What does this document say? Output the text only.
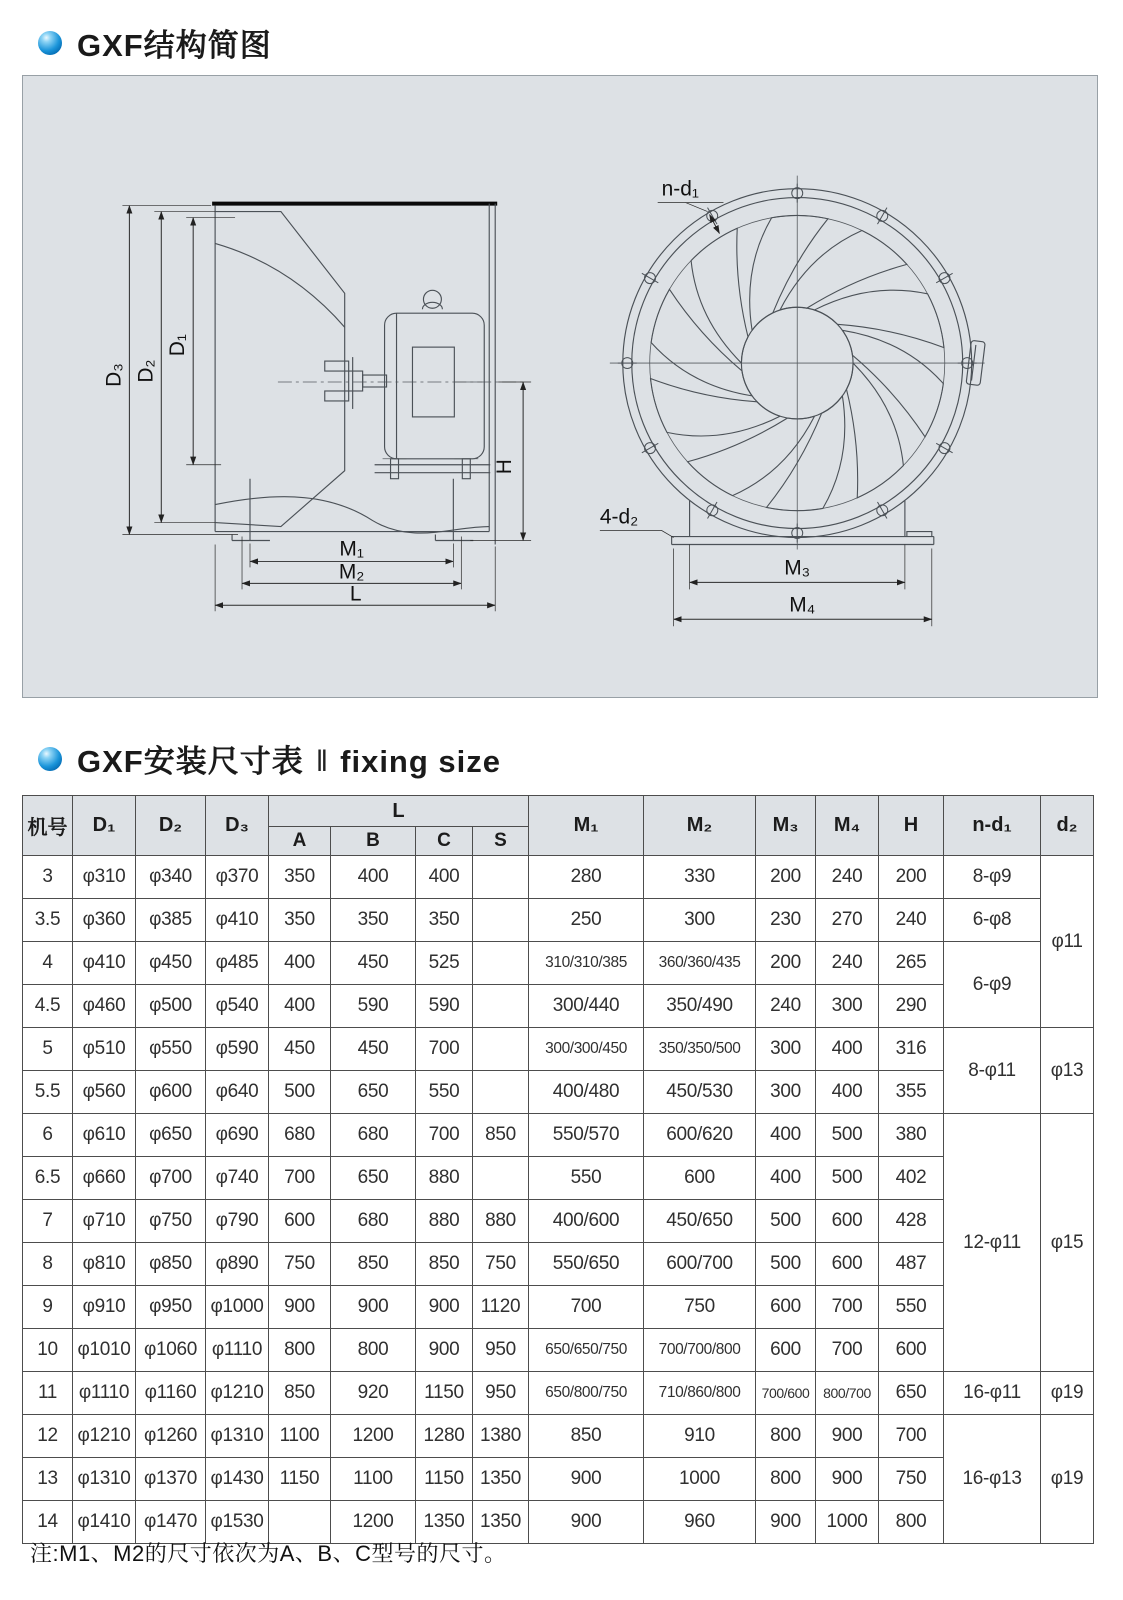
GXF结构简图
D₃ D₂
D₁
H
M₁
M₂
L
n-d₁
4-d₂
M₃
M₄
GXF安装尺寸表 ‖ fixing size
机号	D₁	D₂	D₃	L				M₁	M₂	M₃	M₄	H	n-d₁	d₂
				A	B	C	S							
3	φ310	φ340	φ370	350	400	400		280	330	200	240	200	8-φ9	φ11
3.5	φ360	φ385	φ410	350	350	350		250	300	230	270	240	6-φ8	
4	φ410	φ450	φ485	400	450	525		310/310/385	360/360/435	200	240	265	6-φ9	
4.5	φ460	φ500	φ540	400	590	590		300/440	350/490	240	300	290		
5	φ510	φ550	φ590	450	450	700		300/300/450	350/350/500	300	400	316	8-φ11	φ13
5.5	φ560	φ600	φ640	500	650	550		400/480	450/530	300	400	355		
6	φ610	φ650	φ690	680	680	700	850	550/570	600/620	400	500	380	12-φ11	φ15
6.5	φ660	φ700	φ740	700	650	880		550	600	400	500	402		
7	φ710	φ750	φ790	600	680	880	880	400/600	450/650	500	600	428		
8	φ810	φ850	φ890	750	850	850	750	550/650	600/700	500	600	487		
9	φ910	φ950	φ1000	900	900	900	1120	700	750	600	700	550		
10	φ1010	φ1060	φ1110	800	800	900	950	650/650/750	700/700/800	600	700	600		
11	φ1110	φ1160	φ1210	850	920	1150	950	650/800/750	710/860/800	700/600	800/700	650	16-φ11	φ19
12	φ1210	φ1260	φ1310	1100	1200	1280	1380	850	910	800	900	700	16-φ13	φ19
13	φ1310	φ1370	φ1430	1150	1100	1150	1350	900	1000	800	900	750		
14	φ1410	φ1470	φ1530		1200	1350	1350	900	960	900	1000	800		
注:M1、M2的尺寸依次为A、B、C型号的尺寸。
